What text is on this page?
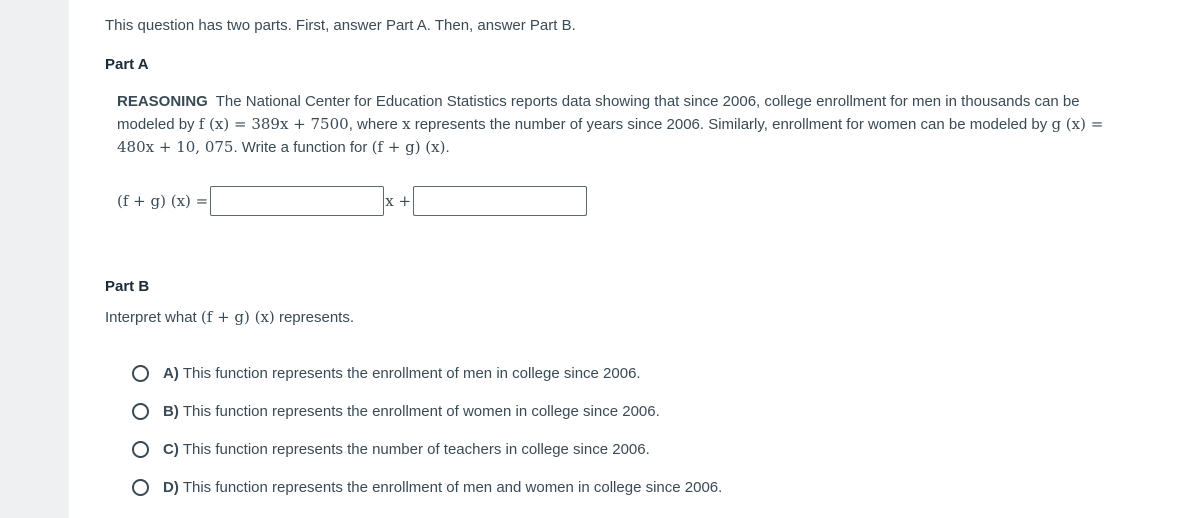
This question has two parts. First, answer Part A. Then, answer Part B.
Part A
REASONING The National Center for Education Statistics reports data showing that since 2006, college enrollment for men in thousands can be modeled by f (x) = 389x + 7500, where x represents the number of years since 2006. Similarly, enrollment for women can be modeled by g (x) = 480x + 10, 075. Write a function for (f + g) (x).
(f + g) (x) =	x +
Part B
Interpret what (f + g) (x) represents.
A) This function represents the enrollment of men in college since 2006.
B) This function represents the enrollment of women in college since 2006.
C) This function represents the number of teachers in college since 2006.
D) This function represents the enrollment of men and women in college since 2006.
